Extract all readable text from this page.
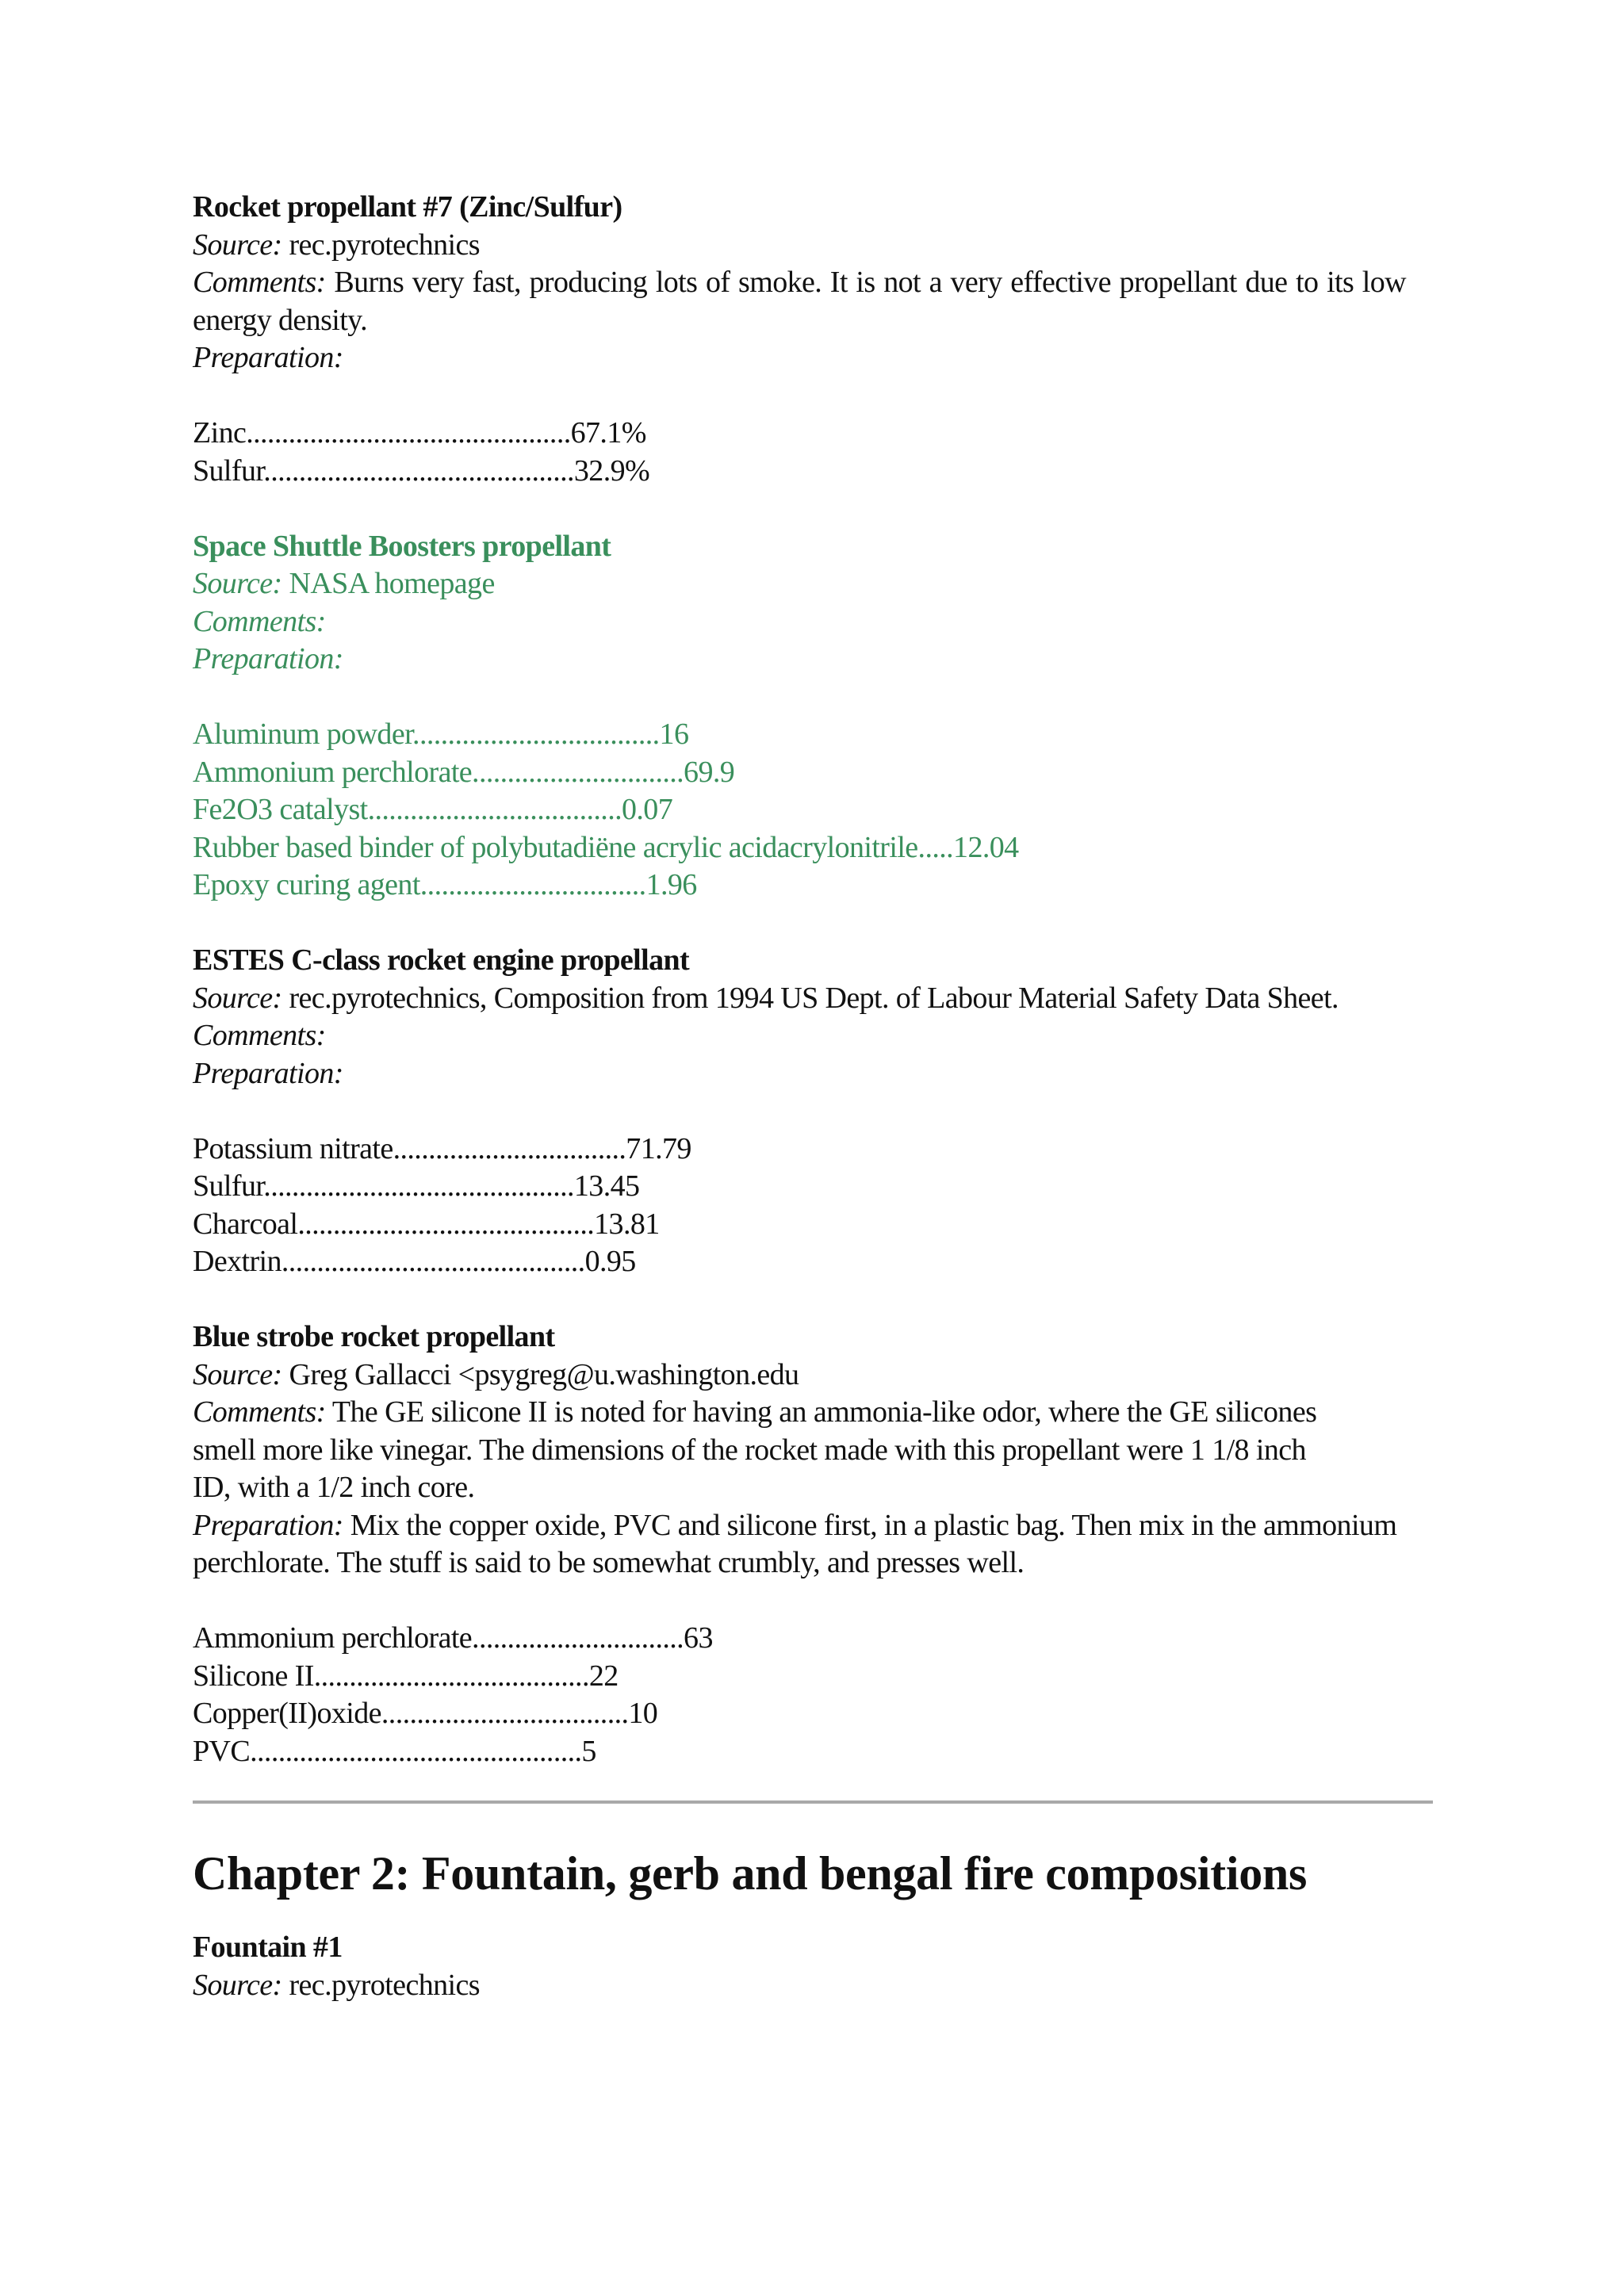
Rocket propellant #7 (Zinc/Sulfur)
Source: rec.pyrotechnics
Comments: Burns very fast, producing lots of smoke. It is not a very effective propellant due to its low energy density.
Preparation:
Zinc..............................................67.1%
Sulfur............................................32.9%
Space Shuttle Boosters propellant
Source: NASA homepage
Comments:
Preparation:
Aluminum powder...................................16
Ammonium perchlorate..............................69.9
Fe2O3 catalyst....................................0.07
Rubber based binder of polybutadiëne acrylic acidacrylonitrile.....12.04
Epoxy curing agent................................1.96
ESTES C-class rocket engine propellant
Source: rec.pyrotechnics, Composition from 1994 US Dept. of Labour Material Safety Data Sheet.
Comments:
Preparation:
Potassium nitrate.................................71.79
Sulfur............................................13.45
Charcoal..........................................13.81
Dextrin...........................................0.95
Blue strobe rocket propellant
Source: Greg Gallacci <psygreg@u.washington.edu
Comments: The GE silicone II is noted for having an ammonia-like odor, where the GE silicones smell more like vinegar. The dimensions of the rocket made with this propellant were 1 1/8 inch ID, with a 1/2 inch core.
Preparation: Mix the copper oxide, PVC and silicone first, in a plastic bag. Then mix in the ammonium perchlorate. The stuff is said to be somewhat crumbly, and presses well.
Ammonium perchlorate..............................63
Silicone II.......................................22
Copper(II)oxide...................................10
PVC...............................................5
Chapter 2: Fountain, gerb and bengal fire compositions
Fountain #1
Source: rec.pyrotechnics
